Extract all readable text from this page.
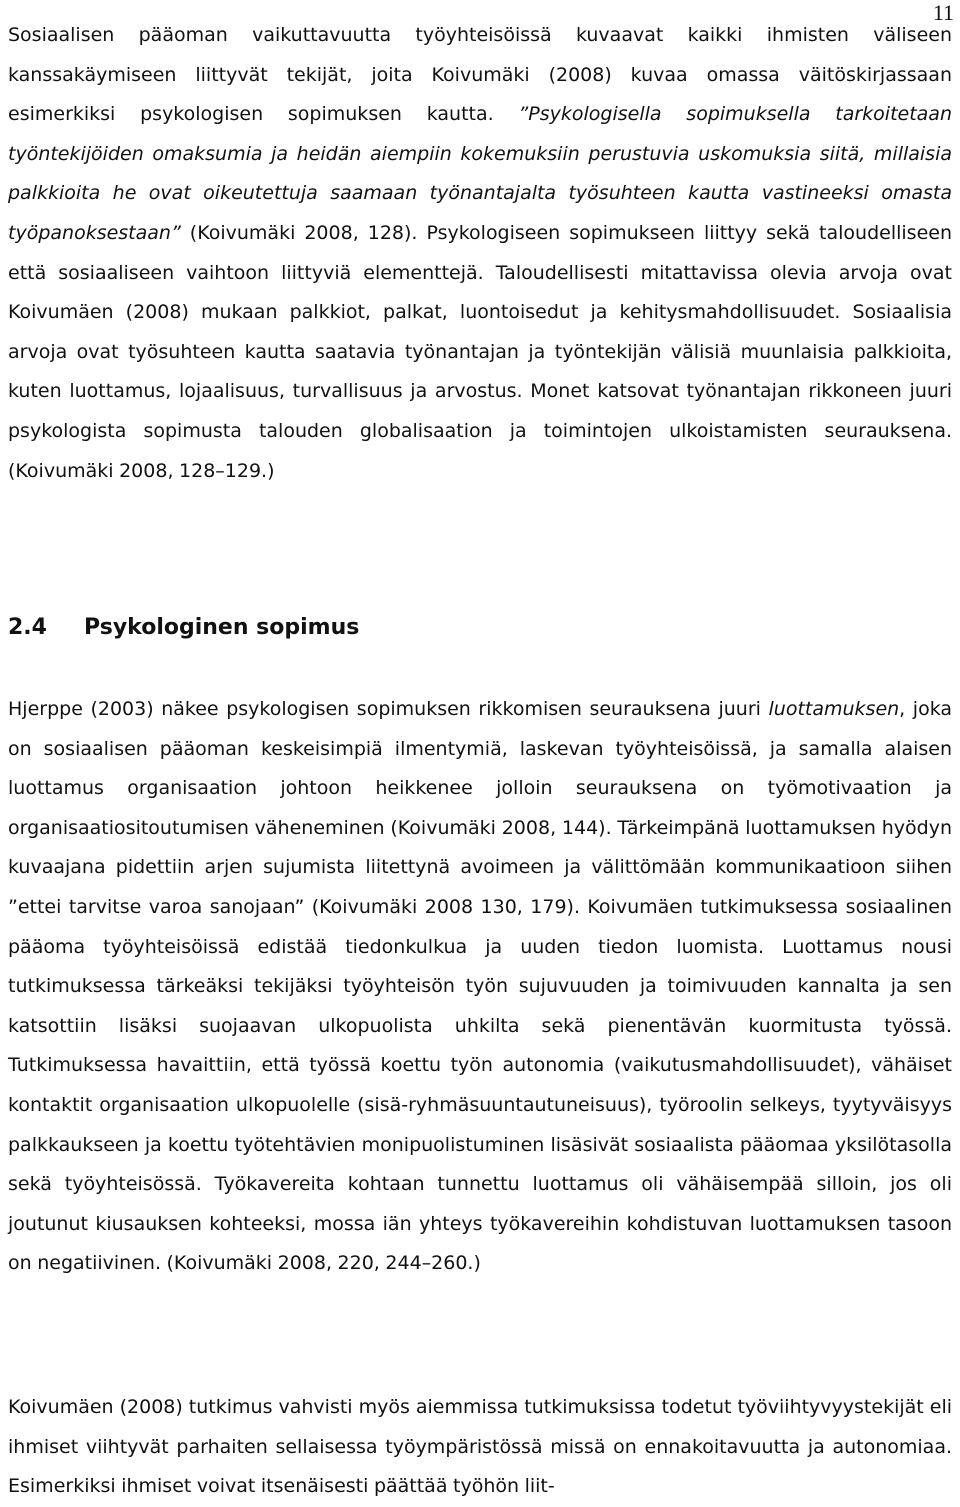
11

Sosiaalisen pääoman vaikuttavuutta työyhteisöissä kuvaavat kaikki ihmisten väliseen kanssakäymiseen liittyvät tekijät, joita Koivumäki (2008) kuvaa omassa väitöskirjassaan esimerkiksi psykologisen sopimuksen kautta. ”Psykologisella sopimuksella tarkoitetaan työntekijöiden omaksumia ja heidän aiempiin kokemuksiin perustuvia uskomuksia siitä, millaisia palkkioita he ovat oikeutettuja saamaan työnantajalta työsuhteen kautta vastineeksi omasta työpanoksestaan” (Koivumäki 2008, 128). Psykologiseen sopimukseen liittyy sekä taloudelliseen että sosiaaliseen vaihtoon liittyviä elementtejä. Taloudellisesti mitattavissa olevia arvoja ovat Koivumäen (2008) mukaan palkkiot, palkat, luontoisedut ja kehitysmahdollisuudet. Sosiaalisia arvoja ovat työsuhteen kautta saatavia työnantajan ja työntekijän välisiä muunlaisia palkkioita, kuten luottamus, lojaalisuus, turvallisuus ja arvostus. Monet katsovat työnantajan rikkoneen juuri psykologista sopimusta talouden globalisaation ja toimintojen ulkoistamisten seurauksena. (Koivumäki 2008, 128–129.)

2.4 Psykologinen sopimus

Hjerppe (2003) näkee psykologisen sopimuksen rikkomisen seurauksena juuri luottamuksen, joka on sosiaalisen pääoman keskeisimpiä ilmentymiä, laskevan työyhteisöissä, ja samalla alaisen luottamus organisaation johtoon heikkenee jolloin seurauksena on työmotivaation ja organisaatiositoutumisen väheneminen (Koivumäki 2008, 144). Tärkeimpänä luottamuksen hyödyn kuvaajana pidettiin arjen sujumista liitettynä avoimeen ja välittömään kommunikaatioon siihen ”ettei tarvitse varoa sanojaan” (Koivumäki 2008 130, 179). Koivumäen tutkimuksessa sosiaalinen pääoma työyhteisöissä edistää tiedonkulkua ja uuden tiedon luomista. Luottamus nousi tutkimuksessa tärkeäksi tekijäksi työyhteisön työn sujuvuuden ja toimivuuden kannalta ja sen katsottiin lisäksi suojaavan ulkopuolista uhkilta sekä pienentävän kuormitusta työssä. Tutkimuksessa havaittiin, että työssä koettu työn autonomia (vaikutusmahdollisuudet), vähäiset kontaktit organisaation ulkopuolelle (sisä-ryhmäsuuntautuneisuus), työroolin selkeys, tyytyväisyys palkkaukseen ja koettu työtehtävien monipuolistuminen lisäsivät sosiaalista pääomaa yksilötasolla sekä työyhteisössä. Työkavereita kohtaan tunnettu luottamus oli vähäisempää silloin, jos oli joutunut kiusauksen kohteeksi, mossa iän yhteys työkavereihin kohdistuvan luottamuksen tasoon on negatiivinen. (Koivumäki 2008, 220, 244–260.)

Koivumäen (2008) tutkimus vahvisti myös aiemmissa tutkimuksissa todetut työviihtyvyystekijät eli ihmiset viihtyvät parhaiten sellaisessa työympäristössä missä on ennakoitavuutta ja autonomiaa. Esimerkiksi ihmiset voivat itsenäisesti päättää työhön liit-
